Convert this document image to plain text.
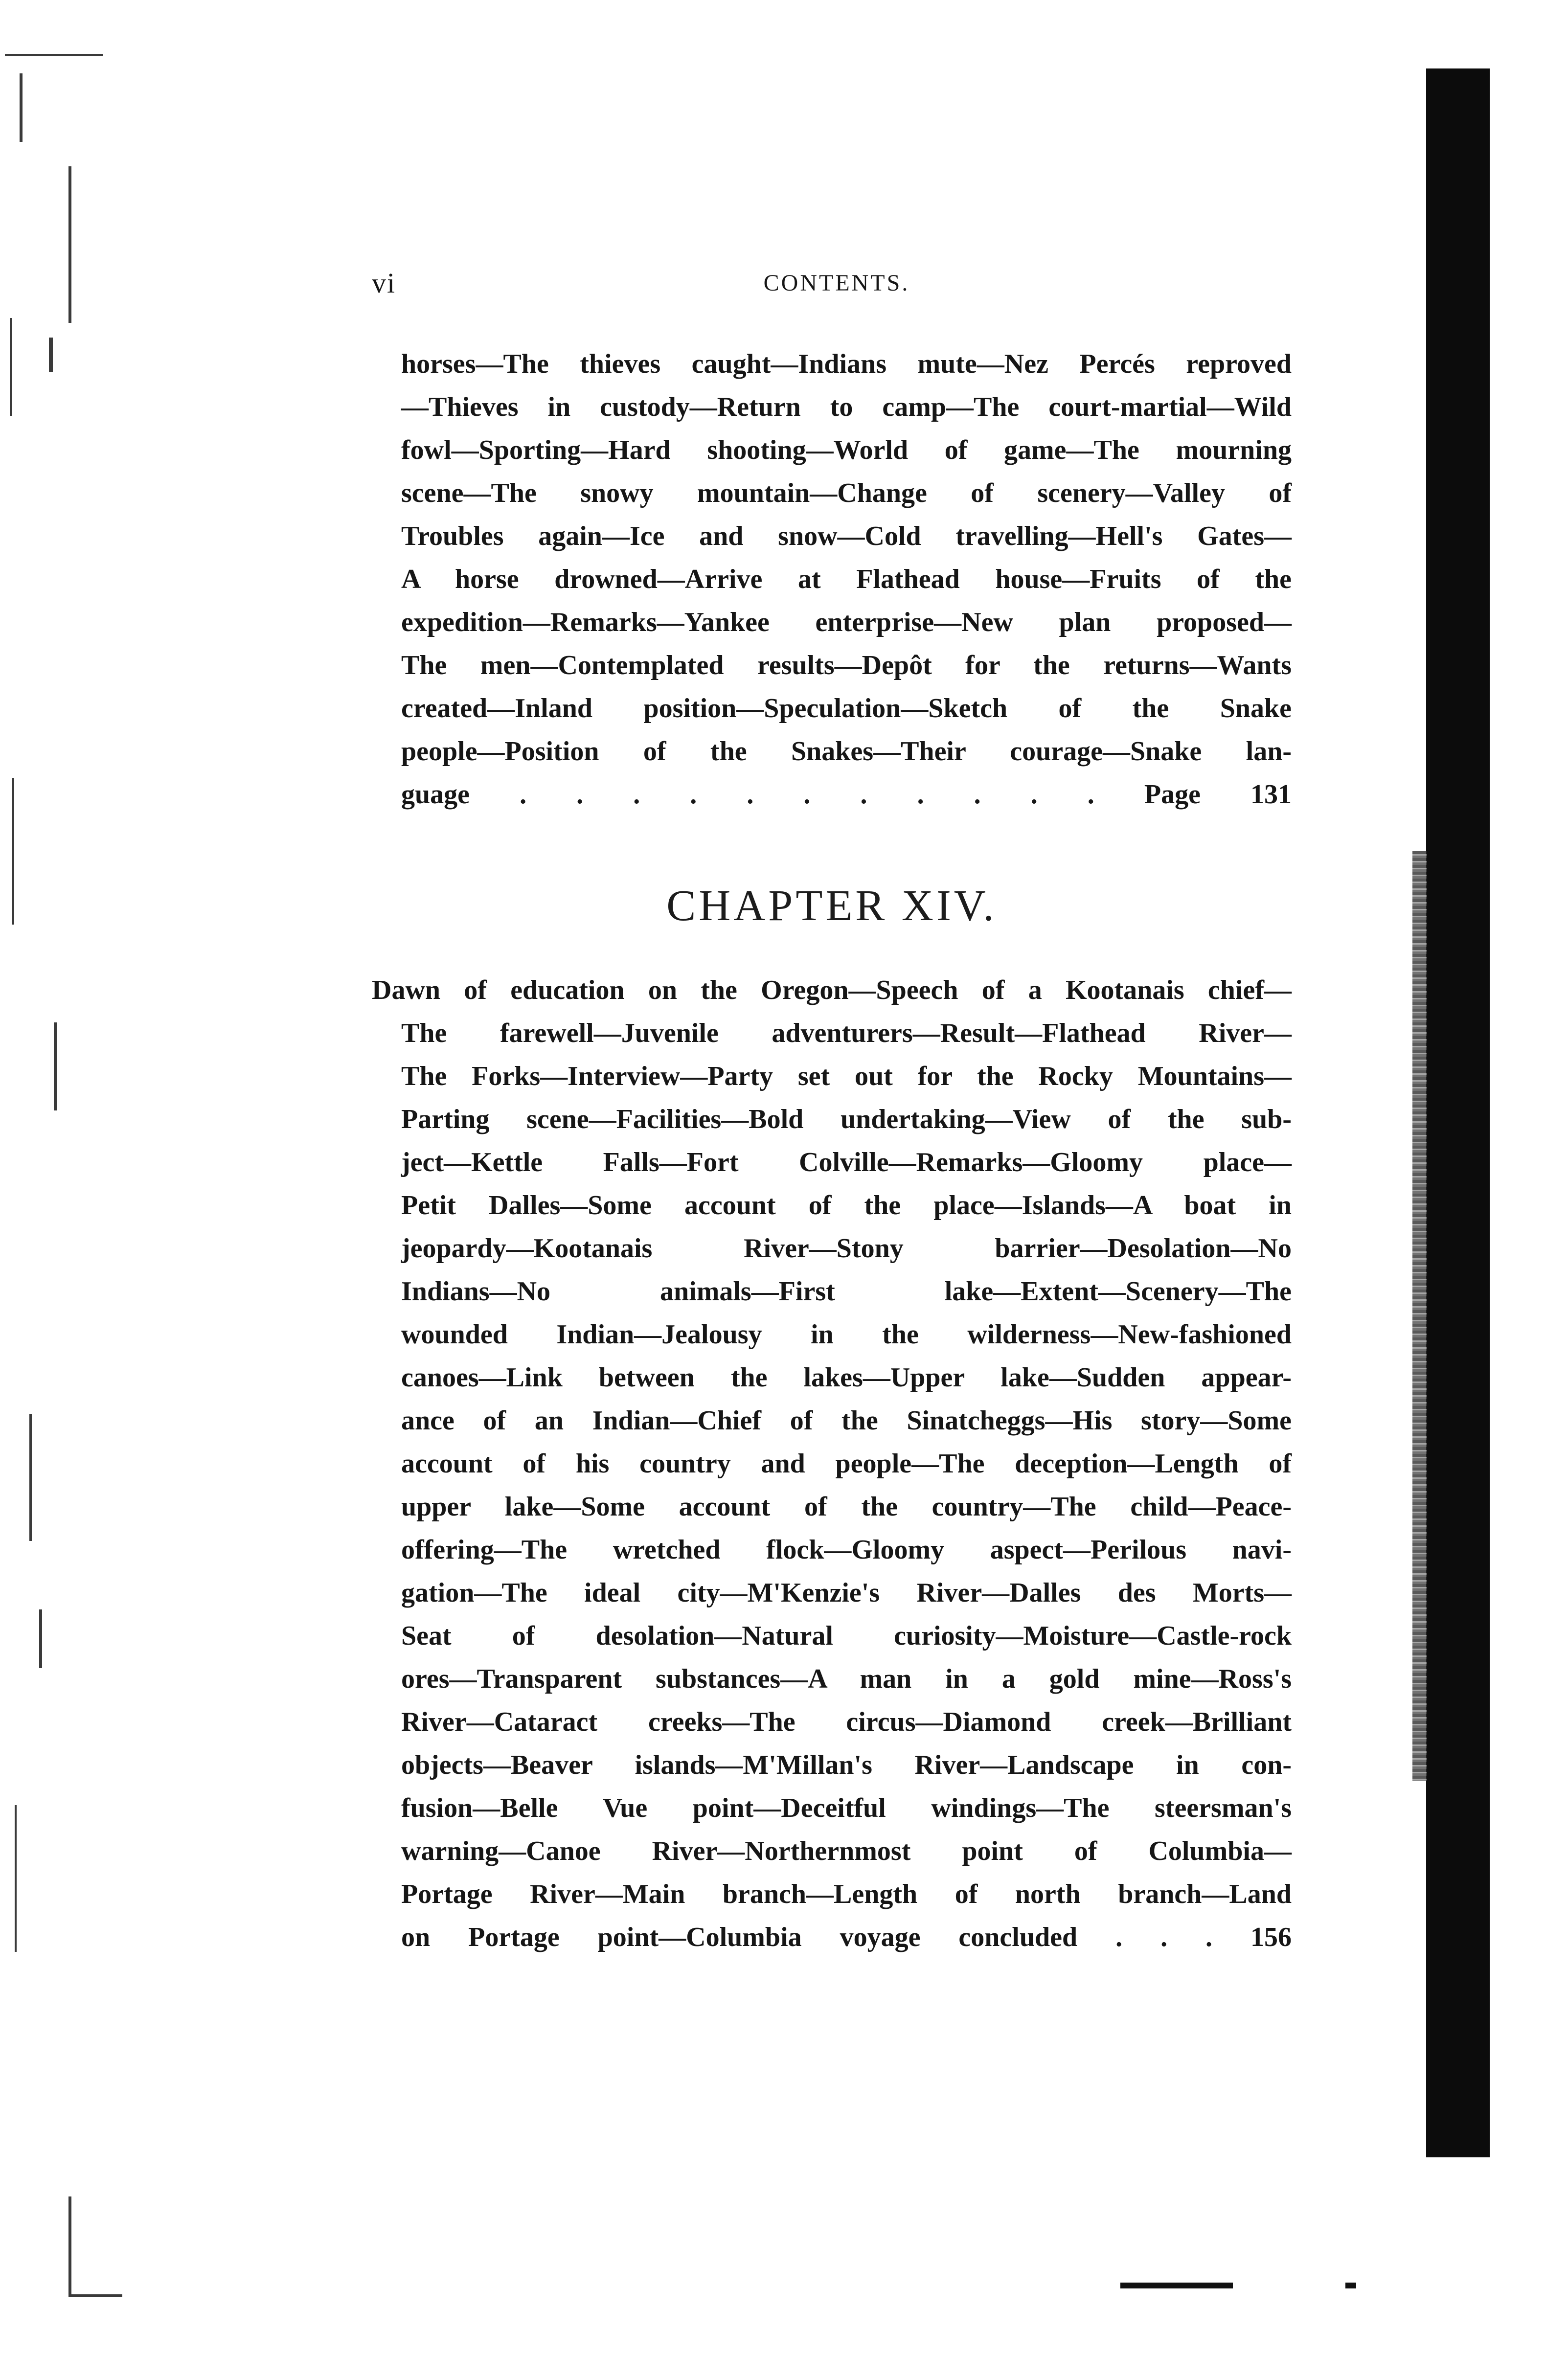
vi	CONTENTS.
horses—The thieves caught—Indians mute—Nez Percés reproved
—Thieves in custody—Return to camp—The court-martial—Wild
fowl—Sporting—Hard shooting—World of game—The mourning
scene—The snowy mountain—Change of scenery—Valley of
Troubles again—Ice and snow—Cold travelling—Hell's Gates—
A horse drowned—Arrive at Flathead house—Fruits of the
expedition—Remarks—Yankee enterprise—New plan proposed—
The men—Contemplated results—Depôt for the returns—Wants
created—Inland position—Speculation—Sketch of the Snake
people—Position of the Snakes—Their courage—Snake lan-
guage . . . . . . . . . . . Page 131
CHAPTER XIV.
Dawn of education on the Oregon—Speech of a Kootanais chief—
The farewell—Juvenile adventurers—Result—Flathead River—
The Forks—Interview—Party set out for the Rocky Mountains—
Parting scene—Facilities—Bold undertaking—View of the sub-
ject—Kettle Falls—Fort Colville—Remarks—Gloomy place—
Petit Dalles—Some account of the place—Islands—A boat in
jeopardy—Kootanais River—Stony barrier—Desolation—No
Indians—No animals—First lake—Extent—Scenery—The
wounded Indian—Jealousy in the wilderness—New-fashioned
canoes—Link between the lakes—Upper lake—Sudden appear-
ance of an Indian—Chief of the Sinatcheggs—His story—Some
account of his country and people—The deception—Length of
upper lake—Some account of the country—The child—Peace-
offering—The wretched flock—Gloomy aspect—Perilous navi-
gation—The ideal city—M'Kenzie's River—Dalles des Morts—
Seat of desolation—Natural curiosity—Moisture—Castle-rock
ores—Transparent substances—A man in a gold mine—Ross's
River—Cataract creeks—The circus—Diamond creek—Brilliant
objects—Beaver islands—M'Millan's River—Landscape in con-
fusion—Belle Vue point—Deceitful windings—The steersman's
warning—Canoe River—Northernmost point of Columbia—
Portage River—Main branch—Length of north branch—Land
on Portage point—Columbia voyage concluded . . . 156
